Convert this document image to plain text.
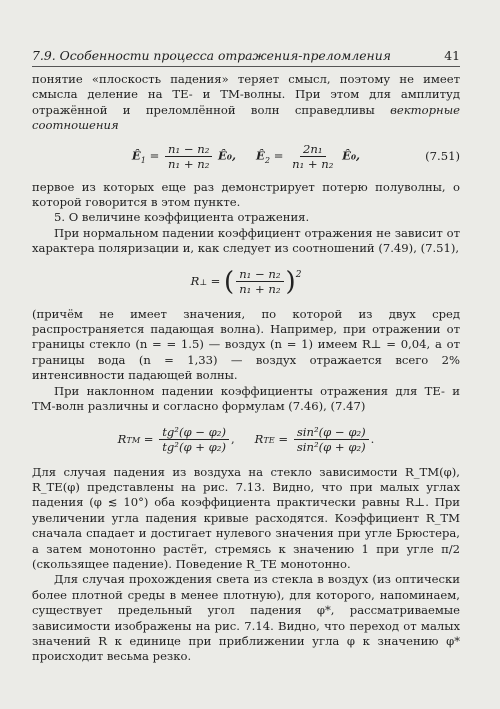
7.9. Особенности процесса отражения-преломления	41

понятие «плоскость падения» теряет смысл, поэтому не имеет смысла деление на TE- и TM-волны. При этом для амплитуд отражённой и преломлённой волн справедливы векторные соотношения

$Ê_1 = \frac{\text{n₁ − n₂}}{\text{n₁ + n₂}}$ Ê₀, $Ê_2 = \frac{\text{2n₁}}{\text{n₁ + n₂}}$ Ê₀,	(7.51)

первое из которых еще раз демонстрирует потерю полуволны, о которой говорится в этом пункте.

5. О величине коэффициента отражения.

При нормальном падении коэффициент отражения не зависит от характера поляризации и, как следует из соотношений (7.49), (7.51),

R ⊥ = ( $\frac{\text{n₁ − n₂}}{\text{n₁ + n₂}}$ ) 2

(причём не имеет значения, по которой из двух сред распространяется падающая волна). Например, при отражении от границы стекло (n = = 1.5) — воздух (n = 1) имеем R⊥ = 0,04, а от границы вода (n = 1,33) — воздух отражается всего 2% интенсивности падающей волны.

При наклонном падении коэффициенты отражения для TE- и TM-волн различны и согласно формулам (7.46), (7.47)

R TM = $\frac{\text{tg²(φ − φ₂)}}{\text{tg²(φ + φ₂)}}$ , R TE = $\frac{\text{sin²(φ − φ₂)}}{\text{sin²(φ + φ₂)}}$ .

Для случая падения из воздуха на стекло зависимости R_TM(φ), R_TE(φ) представлены на рис. 7.13. Видно, что при малых углах падения (φ ≲ 10°) оба коэффициента практически равны R⊥. При увеличении угла падения кривые расходятся. Коэффициент R_TM сначала спадает и достигает нулевого значения при угле Брюстера, а затем монотонно растёт, стремясь к значению 1 при угле π/2 (скользящее падение). Поведение R_TE монотонно.

Для случая прохождения света из стекла в воздух (из оптически более плотной среды в менее плотную), для которого, напоминаем, существует предельный угол падения φ*, рассматриваемые зависимости изображены на рис. 7.14. Видно, что переход от малых значений R к единице при приближении угла φ к значению φ* происходит весьма резко.
